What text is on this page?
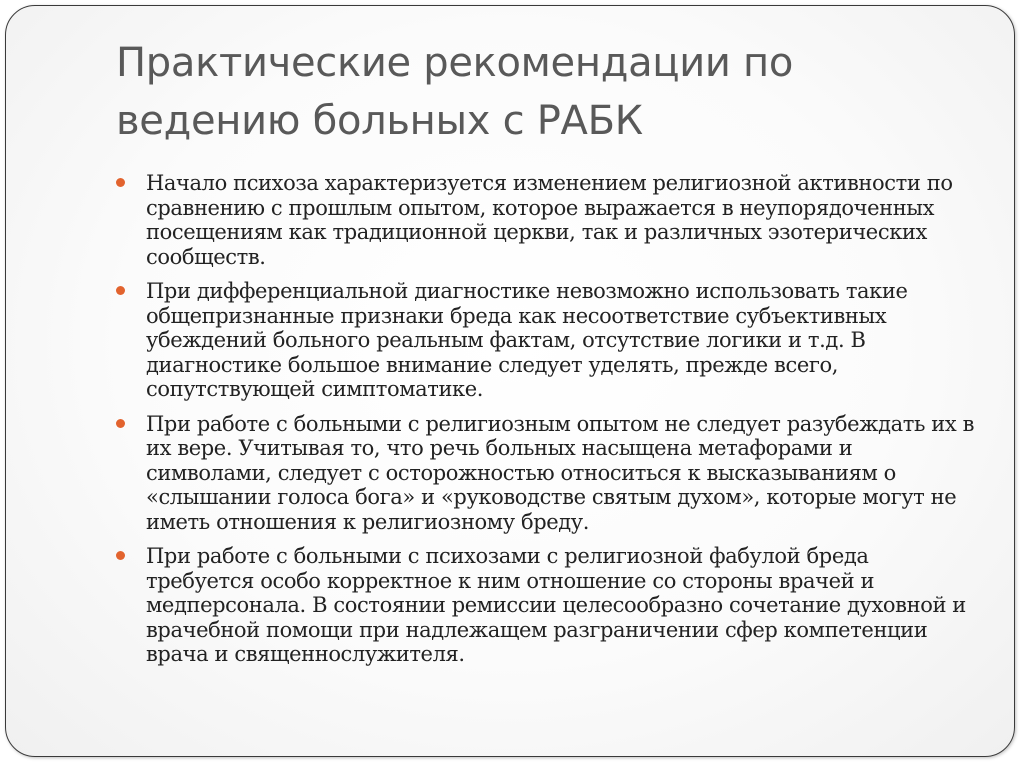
Практические рекомендации по ведению больных с РАБК
Начало психоза характеризуется изменением религиозной активности по сравнению с прошлым опытом, которое выражается в неупорядоченных посещениям как традиционной церкви, так и различных эзотерических сообществ.
При дифференциальной диагностике невозможно использовать такие общепризнанные признаки бреда как несоответствие субъективных убеждений больного реальным фактам, отсутствие логики и т.д. В диагностике большое внимание следует уделять, прежде всего, сопутствующей симптоматике.
При работе с больными с религиозным опытом не следует разубеждать их в их вере. Учитывая то, что речь больных насыщена метафорами и символами, следует с осторожностью относиться к высказываниям о «слышании голоса бога» и «руководстве святым духом», которые могут не иметь отношения к религиозному бреду.
При работе с больными с психозами с религиозной фабулой бреда требуется особо корректное к ним отношение со стороны врачей и медперсонала. В состоянии ремиссии целесообразно сочетание духовной и врачебной помощи при надлежащем разграничении сфер компетенции врача и священнослужителя.
